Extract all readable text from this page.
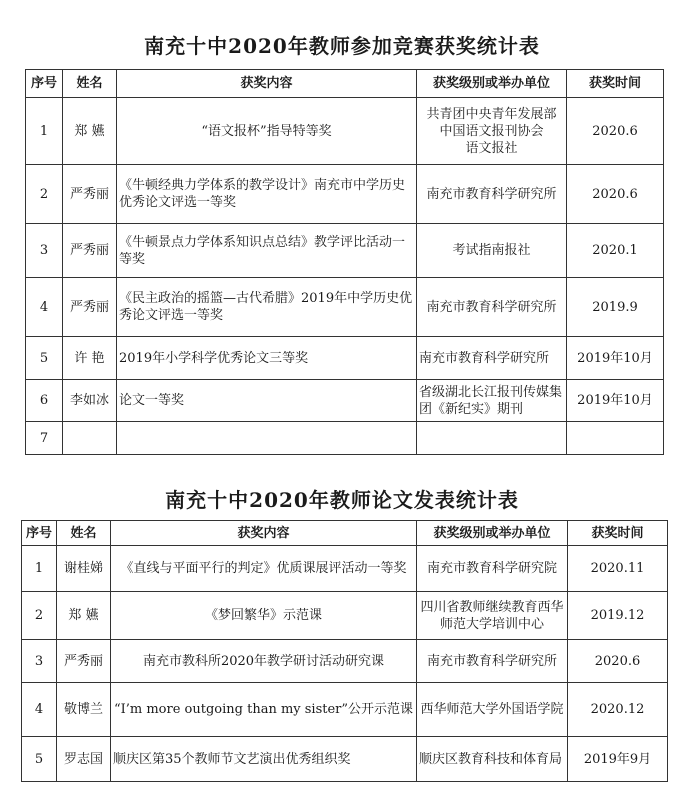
南充十中2020年教师参加竞赛获奖统计表
序号	姓名	获奖内容	获奖级别或举办单位	获奖时间
1	郑 嬿	“语文报杯”指导特等奖	共青团中央青年发展部
中国语文报刊协会
语文报社	2020.6
2	严秀丽	《牛顿经典力学体系的教学设计》南充市中学历史优秀论文评选一等奖	南充市教育科学研究所	2020.6
3	严秀丽	《牛顿景点力学体系知识点总结》教学评比活动一等奖	考试指南报社	2020.1
4	严秀丽	《民主政治的摇篮—古代希腊》2019年中学历史优秀论文评选一等奖	南充市教育科学研究所	2019.9
5	许 艳	2019年小学科学优秀论文三等奖	南充市教育科学研究所	2019年10月
6	李如冰	论文一等奖	省级湖北长江报刊传媒集团《新纪实》期刊	2019年10月
7				
南充十中2020年教师论文发表统计表
序号	姓名	获奖内容	获奖级别或举办单位	获奖时间
1	谢桂娣	《直线与平面平行的判定》优质课展评活动一等奖	南充市教育科学研究院	2020.11
2	郑 嬿	《梦回繁华》示范课	四川省教师继续教育西华师范大学培训中心	2019.12
3	严秀丽	南充市教科所2020年教学研讨活动研究课	南充市教育科学研究所	2020.6
4	敬博兰	“I’m more outgoing than my sister”公开示范课	西华师范大学外国语学院	2020.12
5	罗志国	顺庆区第35个教师节文艺演出优秀组织奖	顺庆区教育科技和体育局	2019年9月
